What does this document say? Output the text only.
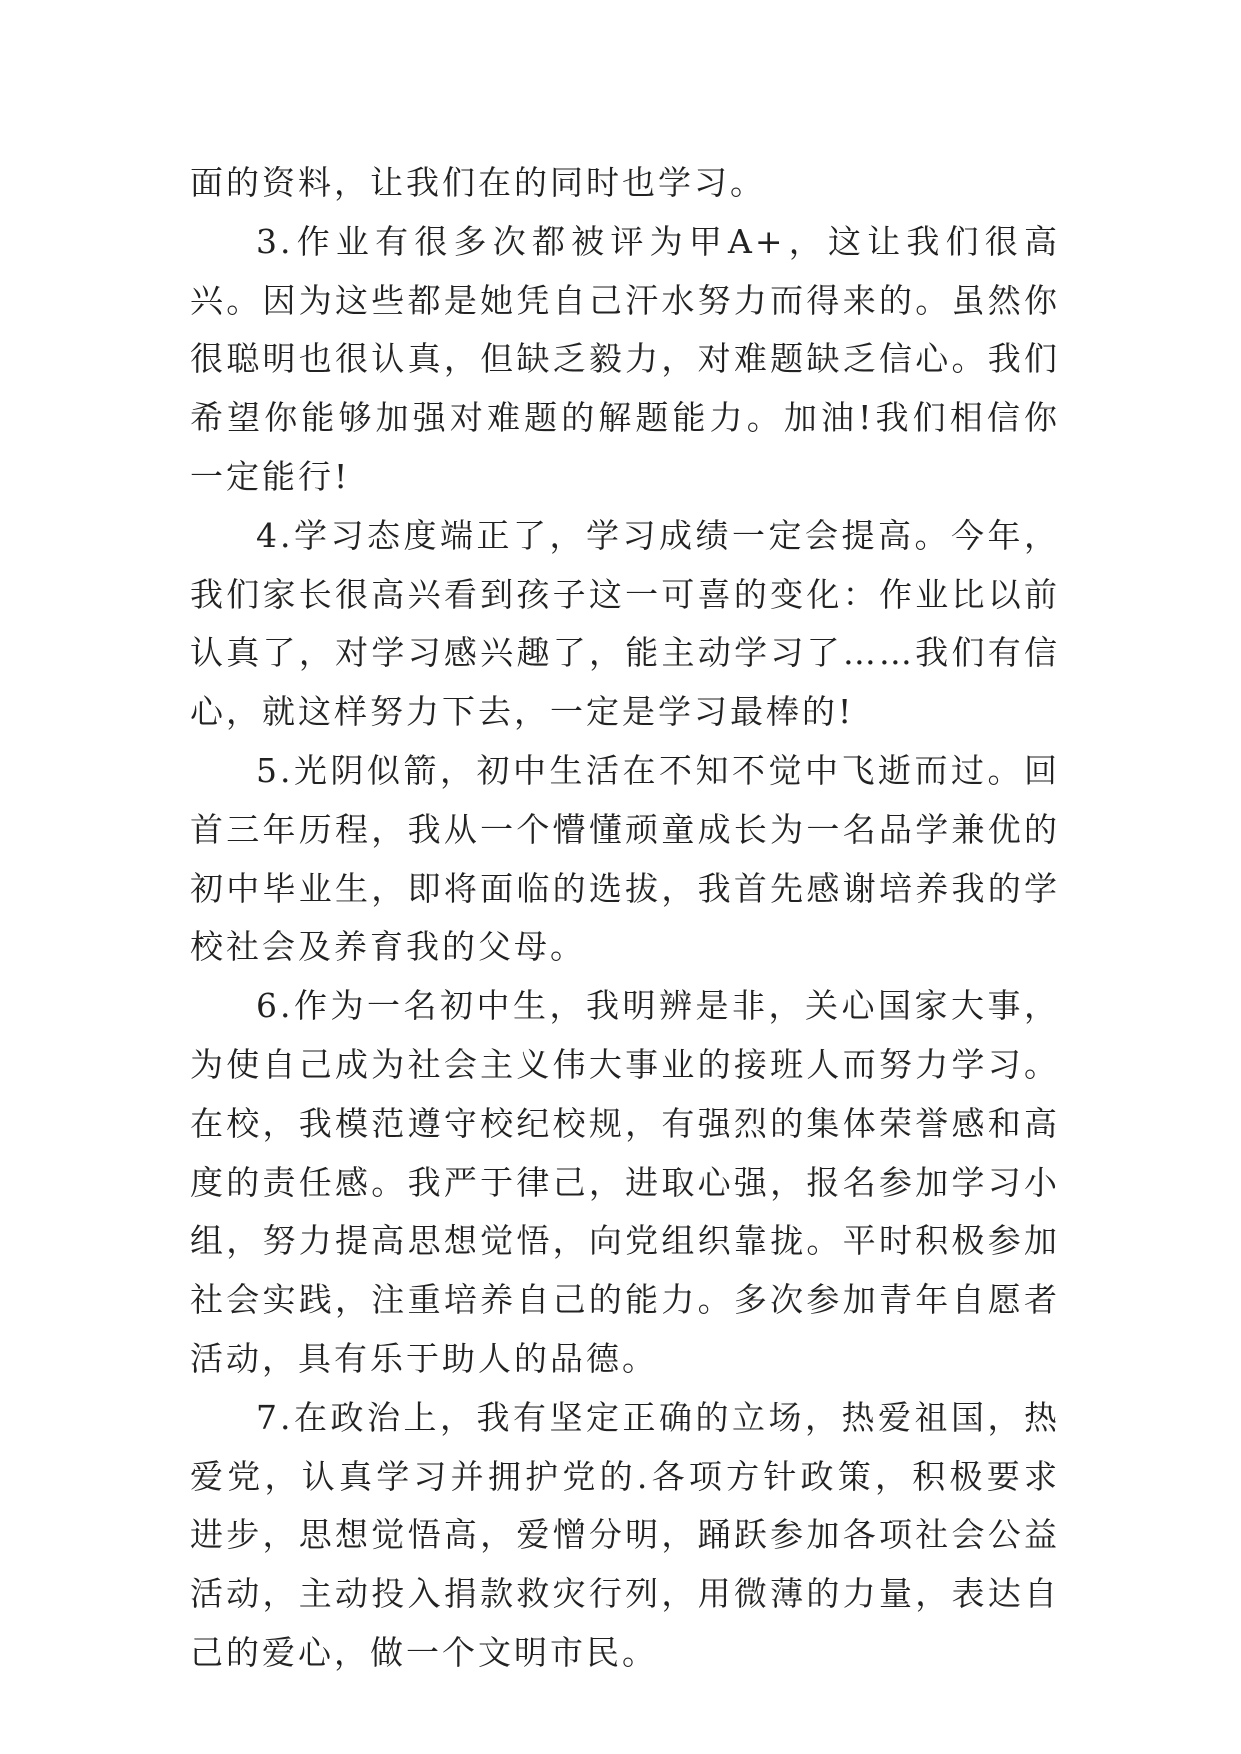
面的资料，让我们在的同时也学习。

3.作业有很多次都被评为甲A+，这让我们很高兴。因为这些都是她凭自己汗水努力而得来的。虽然你很聪明也很认真，但缺乏毅力，对难题缺乏信心。我们希望你能够加强对难题的解题能力。加油!我们相信你一定能行!

4.学习态度端正了，学习成绩一定会提高。今年，我们家长很高兴看到孩子这一可喜的变化：作业比以前认真了，对学习感兴趣了，能主动学习了……我们有信心，就这样努力下去，一定是学习最棒的!

5.光阴似箭，初中生活在不知不觉中飞逝而过。回首三年历程，我从一个懵懂顽童成长为一名品学兼优的初中毕业生，即将面临的选拔，我首先感谢培养我的学校社会及养育我的父母。

6.作为一名初中生，我明辨是非，关心国家大事，为使自己成为社会主义伟大事业的接班人而努力学习。在校，我模范遵守校纪校规，有强烈的集体荣誉感和高度的责任感。我严于律己，进取心强，报名参加学习小组，努力提高思想觉悟，向党组织靠拢。平时积极参加社会实践，注重培养自己的能力。多次参加青年自愿者活动，具有乐于助人的品德。

7.在政治上，我有坚定正确的立场，热爱祖国，热爱党，认真学习并拥护党的.各项方针政策，积极要求进步，思想觉悟高，爱憎分明，踊跃参加各项社会公益活动，主动投入捐款救灾行列，用微薄的力量，表达自己的爱心，做一个文明市民。
